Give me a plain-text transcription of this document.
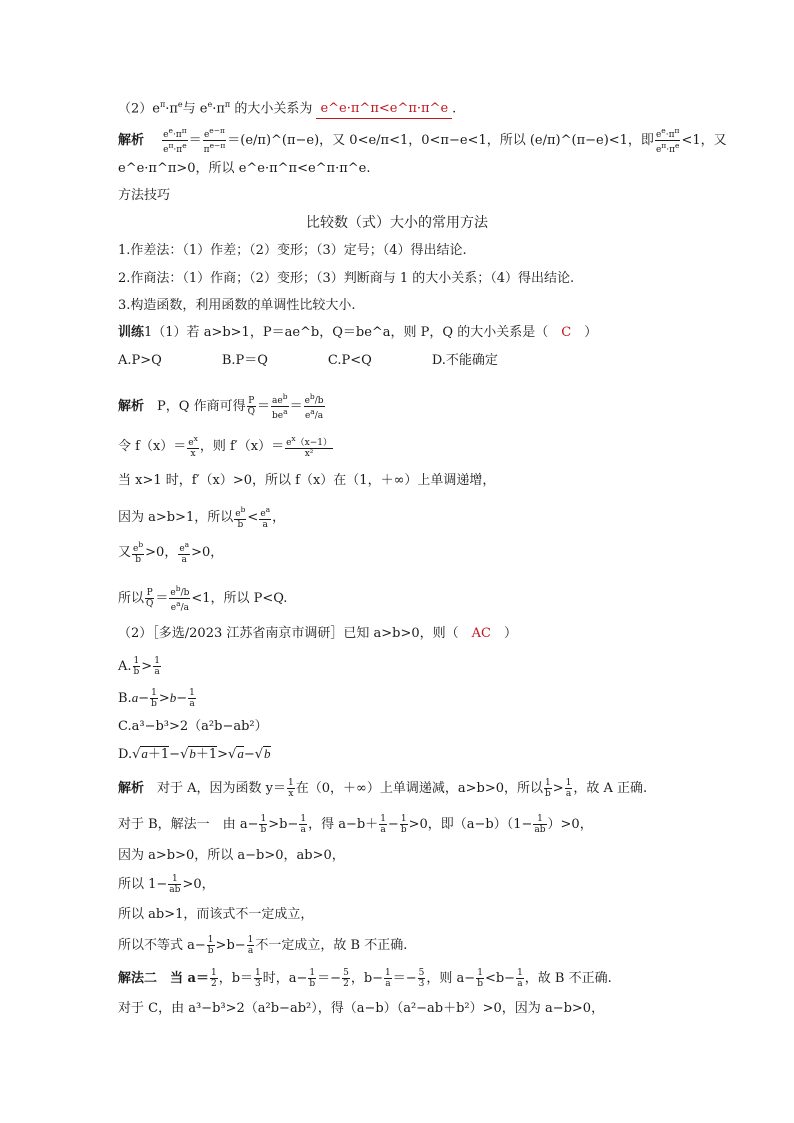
$(2)e^\pi\cdot\pi^e$与 $e^e\cdot\pi^\pi$ 的大小关系为 e^e·π^π<e^π·π^e .
解析　 $\frac{e^e\cdot\pi^\pi}{e^\pi\cdot\pi^e} = \frac{e^{e-\pi}}{\pi^{e-\pi}}$ ＝(e/π)^(π−e)，又 0<e/π<1，0<π−e<1，所以 (e/π)^(π−e)<1，即 $\frac{e^e\cdot\pi^\pi}{e^\pi\cdot\pi^e} <1$，又
e^e·π^π>0，所以 e^e·π^π<e^π·π^e.
方法技巧
比较数（式）大小的常用方法
1.作差法：（1）作差；（2）变形；（3）定号；（4）得出结论.
2.作商法：（1）作商；（2）变形；（3）判断商与 1 的大小关系；（4）得出结论.
3.构造函数，利用函数的单调性比较大小.
训练1（1）若 a>b>1，P＝ae^b，Q＝be^a，则 P，Q 的大小关系是（　 C　 ）
A.P>Q	B.P＝Q	C.P<Q	D.不能确定
解析　 P，Q 作商可得 $\frac{P}{Q} = \frac{ae^b}{be^a} = \frac{e^b/b}{e^a/a}$
令 $f(x)= \frac{e^x}{x}$ ，则 $f'(x)= \frac{e^x(x-1)}{\text{x²}}$
当 x>1 时，f′（x）>0，所以 f（x）在（1，＋∞）上单调递增，
因为 a>b>1，所以 $\frac{e^b}{b} < \frac{e^a}{a}$ ，
又 $\frac{e^b}{b} >0$， $\frac{e^a}{a} >0$，
所以 $\frac{P}{Q} = \frac{e^b/b}{e^a/a} <1$，所以 P<Q.
（2）［多选/2023 江苏省南京市调研］已知 a>b>0，则（　 AC　 ）
A. $\frac{1}{b} > \frac{1}{a}$
$B.a- \frac{1}{b} >b- \frac{1}{a}$
C.a³−b³>2（a²b−ab²）
D.√a＋1−√b＋1>√a−√b
解析　 对于 A，因为函数 $y= \frac{1}{x}$ 在（0，＋∞）上单调递减，a>b>0，所以 $\frac{1}{b} > \frac{1}{a}$ ，故 A 正确.
对于 B，解法一　由 $a- \frac{1}{b} >b- \frac{1}{a}$ ，得 $a-b+ \frac{1}{a} - \frac{1}{b} >0$，即$(a-b)(1- \frac{1}{ab} )>0$，
因为 a>b>0，所以 a−b>0，ab>0，
所以 $1- \frac{1}{ab} >0$，
所以 ab>1，而该式不一定成立，
所以不等式 $a- \frac{1}{b} >b- \frac{1}{a}$ 不一定成立，故 B 不正确.
解法二　当 $a= \frac{1}{2}$ ，$b= \frac{1}{3}$ 时，$a- \frac{1}{b} =- \frac{5}{2}$ ，$b- \frac{1}{a} =- \frac{5}{3}$ ，则 $a- \frac{1}{b} <b- \frac{1}{a}$ ，故 B 不正确.
对于 C，由 a³−b³>2（a²b−ab²），得（a−b）（a²−ab＋b²）>0，因为 a−b>0，
